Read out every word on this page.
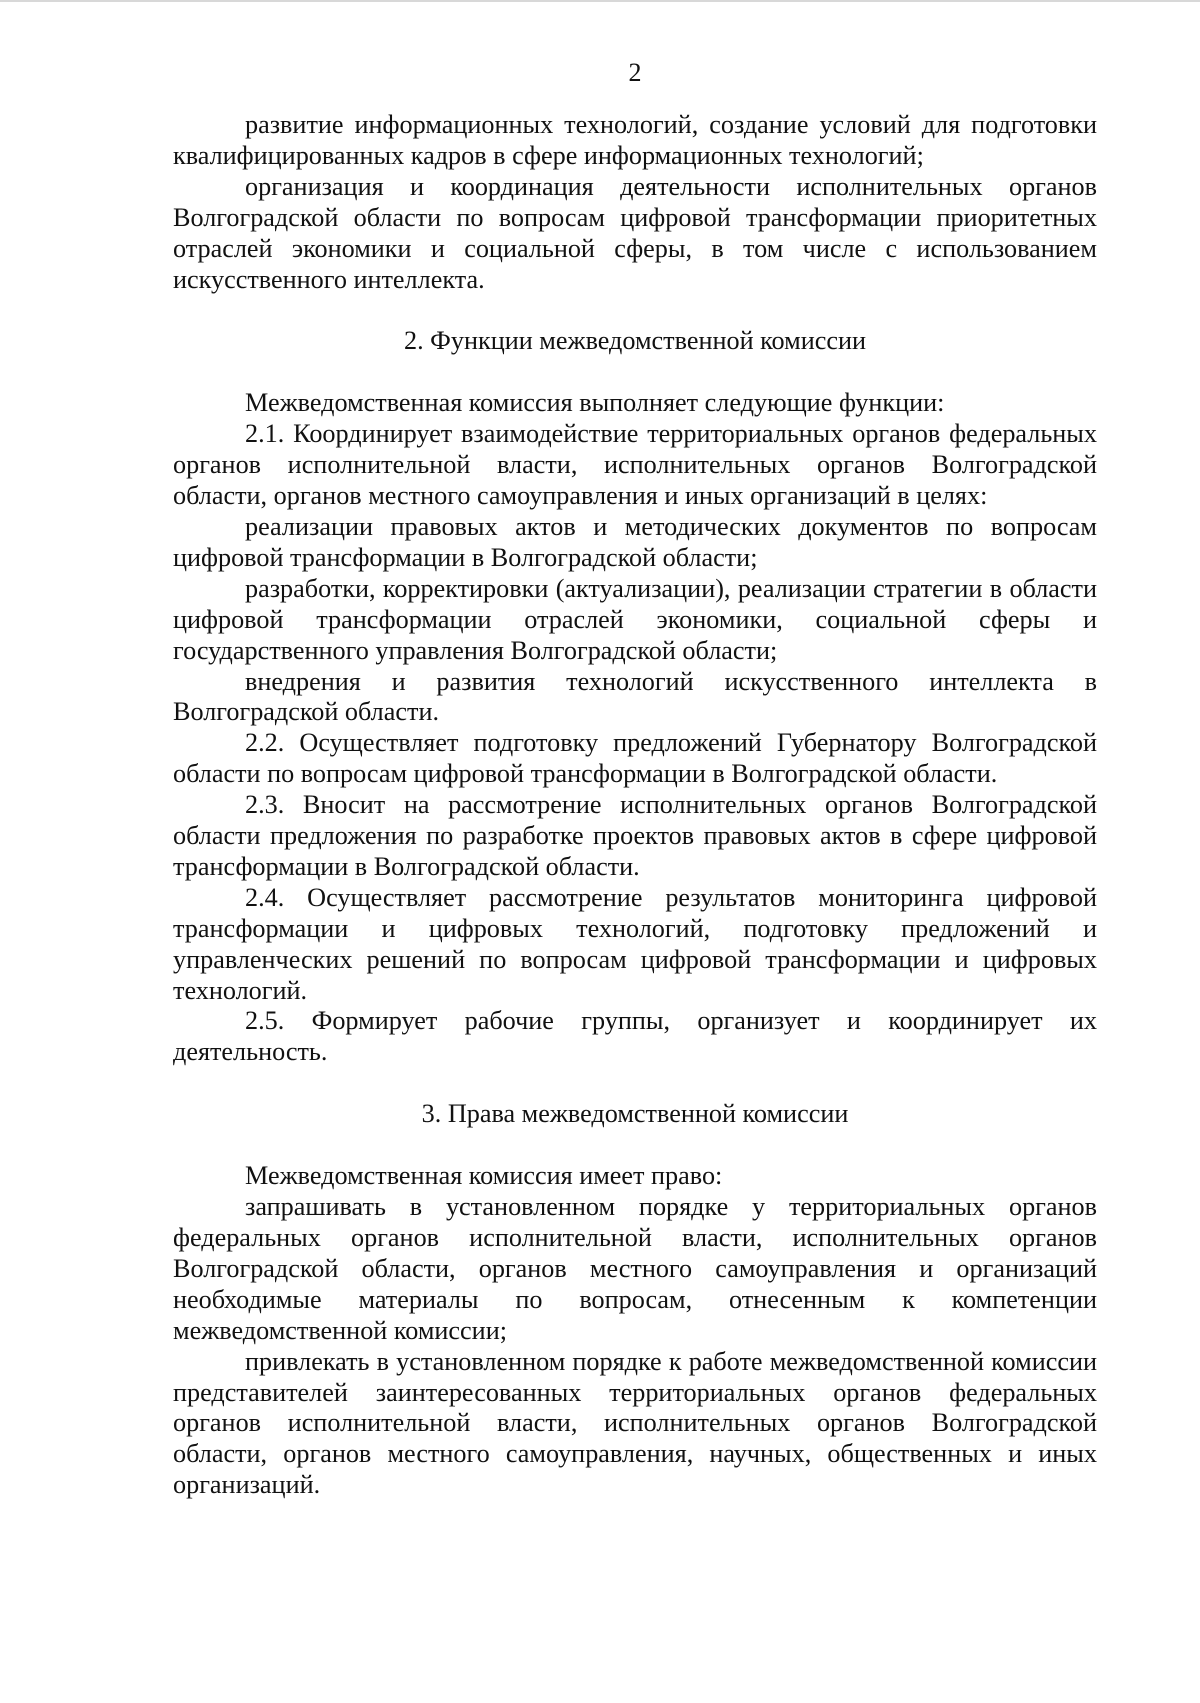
2

развитие информационных технологий, создание условий для подготовки квалифицированных кадров в сфере информационных технологий;

организация и координация деятельности исполнительных органов Волгоградской области по вопросам цифровой трансформации приоритетных отраслей экономики и социальной сферы, в том числе с использованием искусственного интеллекта.

2. Функции межведомственной комиссии

Межведомственная комиссия выполняет следующие функции:

2.1. Координирует взаимодействие территориальных органов федеральных органов исполнительной власти, исполнительных органов Волгоградской области, органов местного самоуправления и иных организаций в целях:

реализации правовых актов и методических документов по вопросам цифровой трансформации в Волгоградской области;

разработки, корректировки (актуализации), реализации стратегии в области цифровой трансформации отраслей экономики, социальной сферы и государственного управления Волгоградской области;

внедрения и развития технологий искусственного интеллекта в Волгоградской области.

2.2. Осуществляет подготовку предложений Губернатору Волгоградской области по вопросам цифровой трансформации в Волгоградской области.

2.3. Вносит на рассмотрение исполнительных органов Волгоградской области предложения по разработке проектов правовых актов в сфере цифровой трансформации в Волгоградской области.

2.4. Осуществляет рассмотрение результатов мониторинга цифровой трансформации и цифровых технологий, подготовку предложений и управленческих решений по вопросам цифровой трансформации и цифровых технологий.

2.5. Формирует рабочие группы, организует и координирует их деятельность.

3. Права межведомственной комиссии

Межведомственная комиссия имеет право:

запрашивать в установленном порядке у территориальных органов федеральных органов исполнительной власти, исполнительных органов Волгоградской области, органов местного самоуправления и организаций необходимые материалы по вопросам, отнесенным к компетенции межведомственной комиссии;

привлекать в установленном порядке к работе межведомственной комиссии представителей заинтересованных территориальных органов федеральных органов исполнительной власти, исполнительных органов Волгоградской области, органов местного самоуправления, научных, общественных и иных организаций.
